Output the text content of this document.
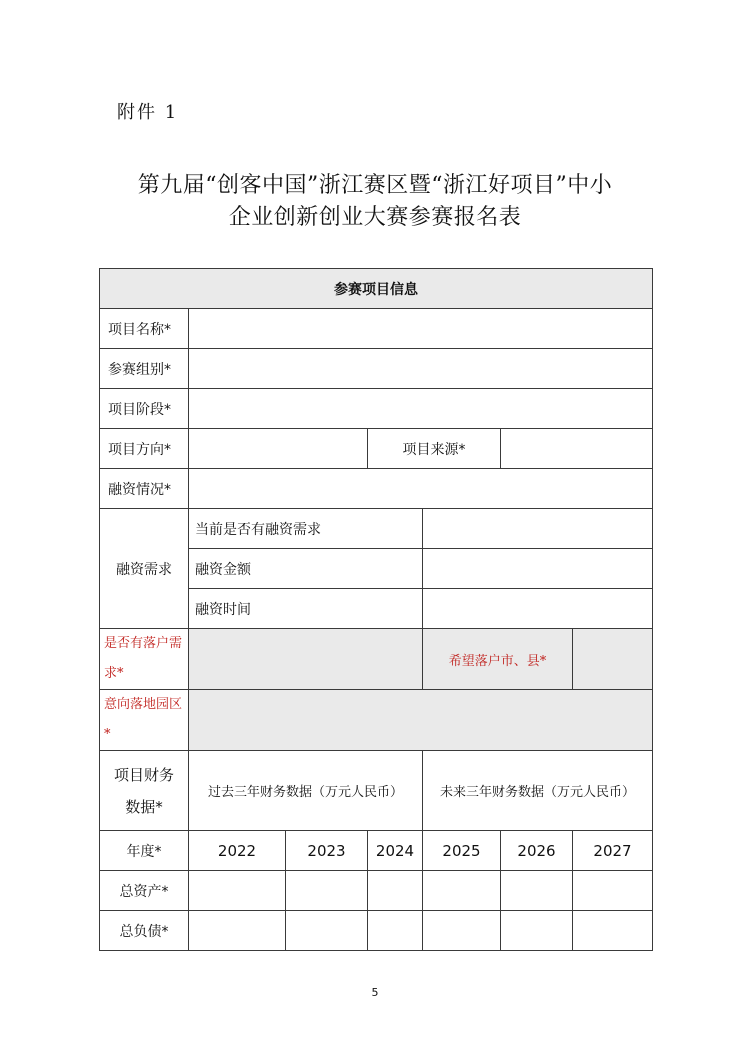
附件 1
第九届“创客中国”浙江赛区暨“浙江好项目”中小
企业创新创业大赛参赛报名表
参赛项目信息						
项目名称*						
参赛组别*						
项目阶段*						
项目方向*			项目来源*			
融资情况*						
融资需求	当前是否有融资需求					
	融资金额					
	融资时间					
是否有落户需求*				希望落户市、县*		
意向落地园区*						
项目财务数据*	过去三年财务数据（万元人民币）			未来三年财务数据（万元人民币）		
年度*	2022	2023	2024	2025	2026	2027
总资产*						
总负债*						
5
